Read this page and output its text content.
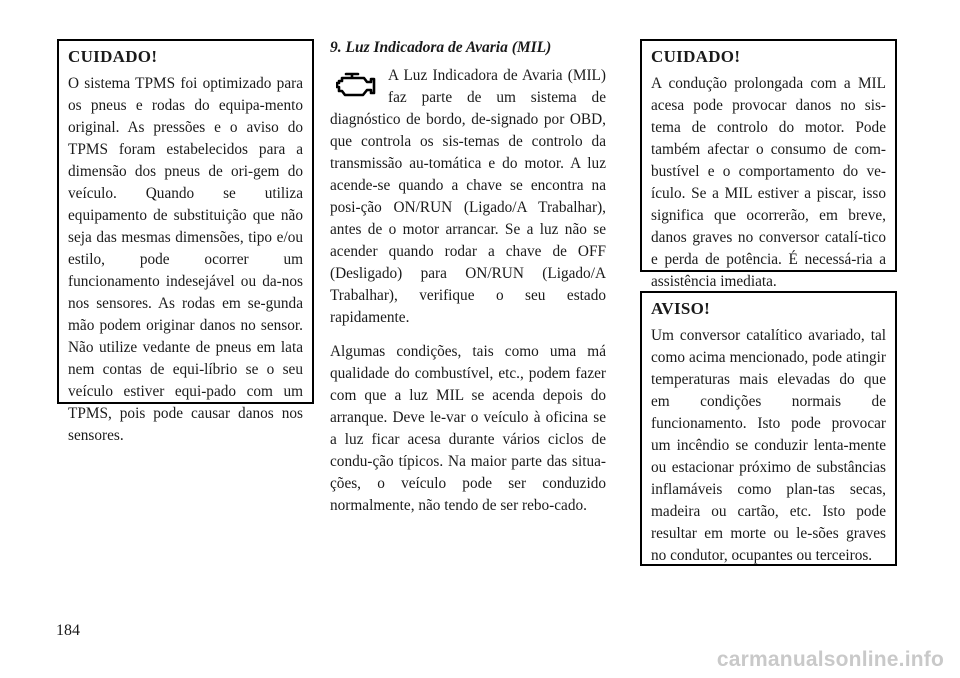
CUIDADO!

O sistema TPMS foi optimizado para os pneus e rodas do equipa-mento original. As pressões e o aviso do TPMS foram estabelecidos para a dimensão dos pneus de ori-gem do veículo. Quando se utiliza equipamento de substituição que não seja das mesmas dimensões, tipo e/ou estilo, pode ocorrer um funcionamento indesejável ou da-nos nos sensores. As rodas em se-gunda mão podem originar danos no sensor. Não utilize vedante de pneus em lata nem contas de equi-líbrio se o seu veículo estiver equi-pado com um TPMS, pois pode causar danos nos sensores.

9. Luz Indicadora de Avaria (MIL)

A Luz Indicadora de Avaria (MIL) faz parte de um sistema de diagnóstico de bordo, de-signado por OBD, que controla os sis-temas de controlo da transmissão au-tomática e do motor. A luz acende-se quando a chave se encontra na posi-ção ON/RUN (Ligado/A Trabalhar), antes de o motor arrancar. Se a luz não se acender quando rodar a chave de OFF (Desligado) para ON/RUN (Ligado/A Trabalhar), verifique o seu estado rapidamente.

Algumas condições, tais como uma má qualidade do combustível, etc., podem fazer com que a luz MIL se acenda depois do arranque. Deve le-var o veículo à oficina se a luz ficar acesa durante vários ciclos de condu-ção típicos. Na maior parte das situa-ções, o veículo pode ser conduzido normalmente, não tendo de ser rebo-cado.

CUIDADO!

A condução prolongada com a MIL acesa pode provocar danos no sis-tema de controlo do motor. Pode também afectar o consumo de com-bustível e o comportamento do ve-ículo. Se a MIL estiver a piscar, isso significa que ocorrerão, em breve, danos graves no conversor catalí-tico e perda de potência. É necessá-ria a assistência imediata.

AVISO!

Um conversor catalítico avariado, tal como acima mencionado, pode atingir temperaturas mais elevadas do que em condições normais de funcionamento. Isto pode provocar um incêndio se conduzir lenta-mente ou estacionar próximo de substâncias inflamáveis como plan-tas secas, madeira ou cartão, etc. Isto pode resultar em morte ou le-sões graves no condutor, ocupantes ou terceiros.

184
carmanualsonline.info
